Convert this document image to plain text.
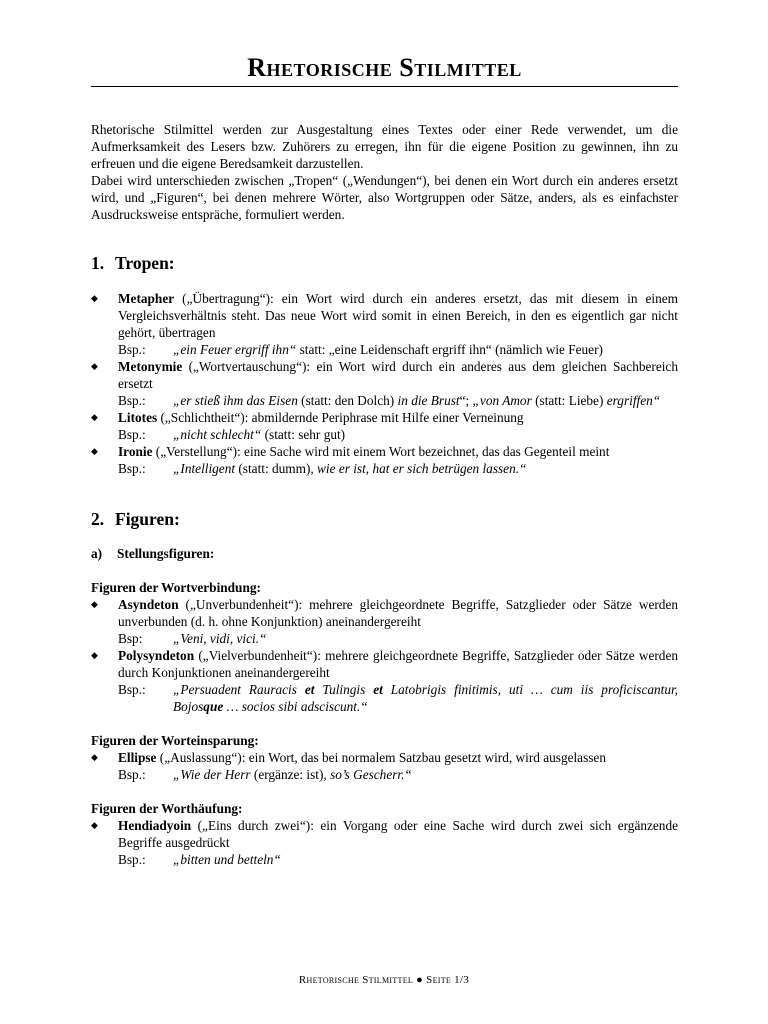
Rhetorische Stilmittel

Rhetorische Stilmittel werden zur Ausgestaltung eines Textes oder einer Rede verwendet, um die Aufmerksamkeit des Lesers bzw. Zuhörers zu erregen, ihn für die eigene Position zu gewinnen, ihn zu erfreuen und die eigene Beredsamkeit darzustellen.

Dabei wird unterschieden zwischen „Tropen“ („Wendungen“), bei denen ein Wort durch ein anderes ersetzt wird, und „Figuren“, bei denen mehrere Wörter, also Wortgruppen oder Sätze, anders, als es einfachster Ausdrucksweise entspräche, formuliert werden.

1. Tropen:
◆ Metapher („Übertragung“): ein Wort wird durch ein anderes ersetzt, das mit diesem in einem Vergleichsverhältnis steht. Das neue Wort wird somit in einen Bereich, in den es eigentlich gar nicht gehört, übertragen
Bsp.:	„ein Feuer ergriff ihn“ statt: „eine Leidenschaft ergriff ihn“ (nämlich wie Feuer)
◆ Metonymie („Wortvertauschung“): ein Wort wird durch ein anderes aus dem gleichen Sachbereich ersetzt
Bsp.:	„er stieß ihm das Eisen (statt: den Dolch) in die Brust“; „von Amor (statt: Liebe) ergriffen“
◆ Litotes („Schlichtheit“): abmildernde Periphrase mit Hilfe einer Verneinung
Bsp.:	„nicht schlecht“ (statt: sehr gut)
◆ Ironie („Verstellung“): eine Sache wird mit einem Wort bezeichnet, das das Gegenteil meint
Bsp.:	„Intelligent (statt: dumm), wie er ist, hat er sich betrügen lassen.“
2. Figuren:
a) Stellungsfiguren:
Figuren der Wortverbindung:
◆ Asyndeton („Unverbundenheit“): mehrere gleichgeordnete Begriffe, Satzglieder oder Sätze werden unverbunden (d. h. ohne Konjunktion) aneinandergereiht
Bsp:	„Veni, vidi, vici.“
◆ Polysyndeton („Vielverbundenheit“): mehrere gleichgeordnete Begriffe, Satzglieder oder Sätze werden durch Konjunktionen aneinandergereiht
Bsp.:	„Persuadent Rauracis et Tulingis et Latobrigis finitimis, uti … cum iis proficiscantur, Bojosque … socios sibi adsciscunt.“
Figuren der Worteinsparung:
◆ Ellipse („Auslassung“): ein Wort, das bei normalem Satzbau gesetzt wird, wird ausgelassen
Bsp.:	„Wie der Herr (ergänze: ist), so’s Gescherr.“
Figuren der Worthäufung:
◆ Hendiadyoin („Eins durch zwei“): ein Vorgang oder eine Sache wird durch zwei sich ergänzende Begriffe ausgedrückt
Bsp.:	„bitten und betteln“
Rhetorische Stilmittel ● Seite 1/3
